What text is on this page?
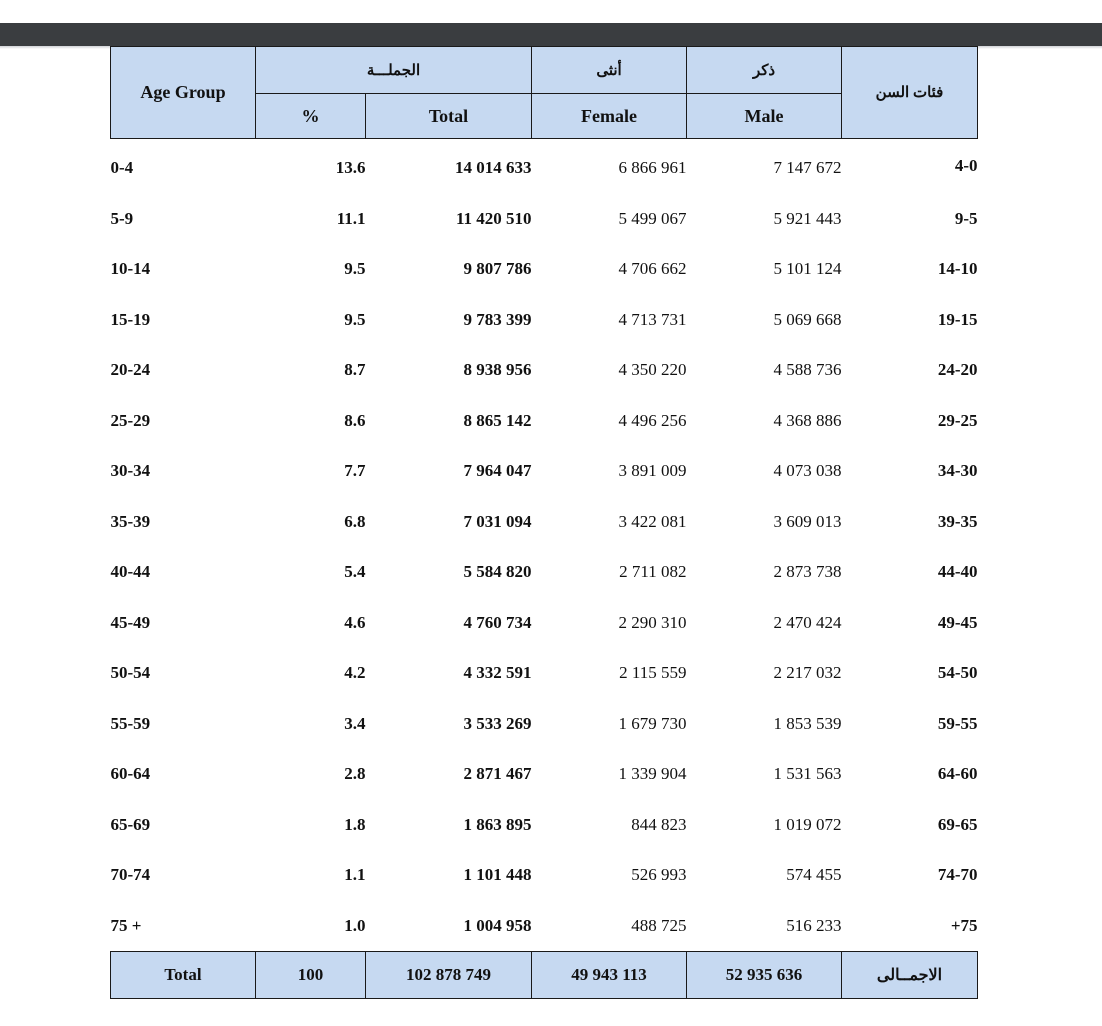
Age Group	الجملـــة		أنثى	ذكر	فئات السن
	%	Total	Female	Male	
0-4	13.6	14 014 633	6 866 961	7 147 672	4-0
5-9	11.1	11 420 510	5 499 067	5 921 443	9-5
10-14	9.5	9 807 786	4 706 662	5 101 124	14-10
15-19	9.5	9 783 399	4 713 731	5 069 668	19-15
20-24	8.7	8 938 956	4 350 220	4 588 736	24-20
25-29	8.6	8 865 142	4 496 256	4 368 886	29-25
30-34	7.7	7 964 047	3 891 009	4 073 038	34-30
35-39	6.8	7 031 094	3 422 081	3 609 013	39-35
40-44	5.4	5 584 820	2 711 082	2 873 738	44-40
45-49	4.6	4 760 734	2 290 310	2 470 424	49-45
50-54	4.2	4 332 591	2 115 559	2 217 032	54-50
55-59	3.4	3 533 269	1 679 730	1 853 539	59-55
60-64	2.8	2 871 467	1 339 904	1 531 563	64-60
65-69	1.8	1 863 895	844 823	1 019 072	69-65
70-74	1.1	1 101 448	526 993	574 455	74-70
75 +	1.0	1 004 958	488 725	516 233	+75
Total	100	102 878 749	49 943 113	52 935 636	الاجمــالى
